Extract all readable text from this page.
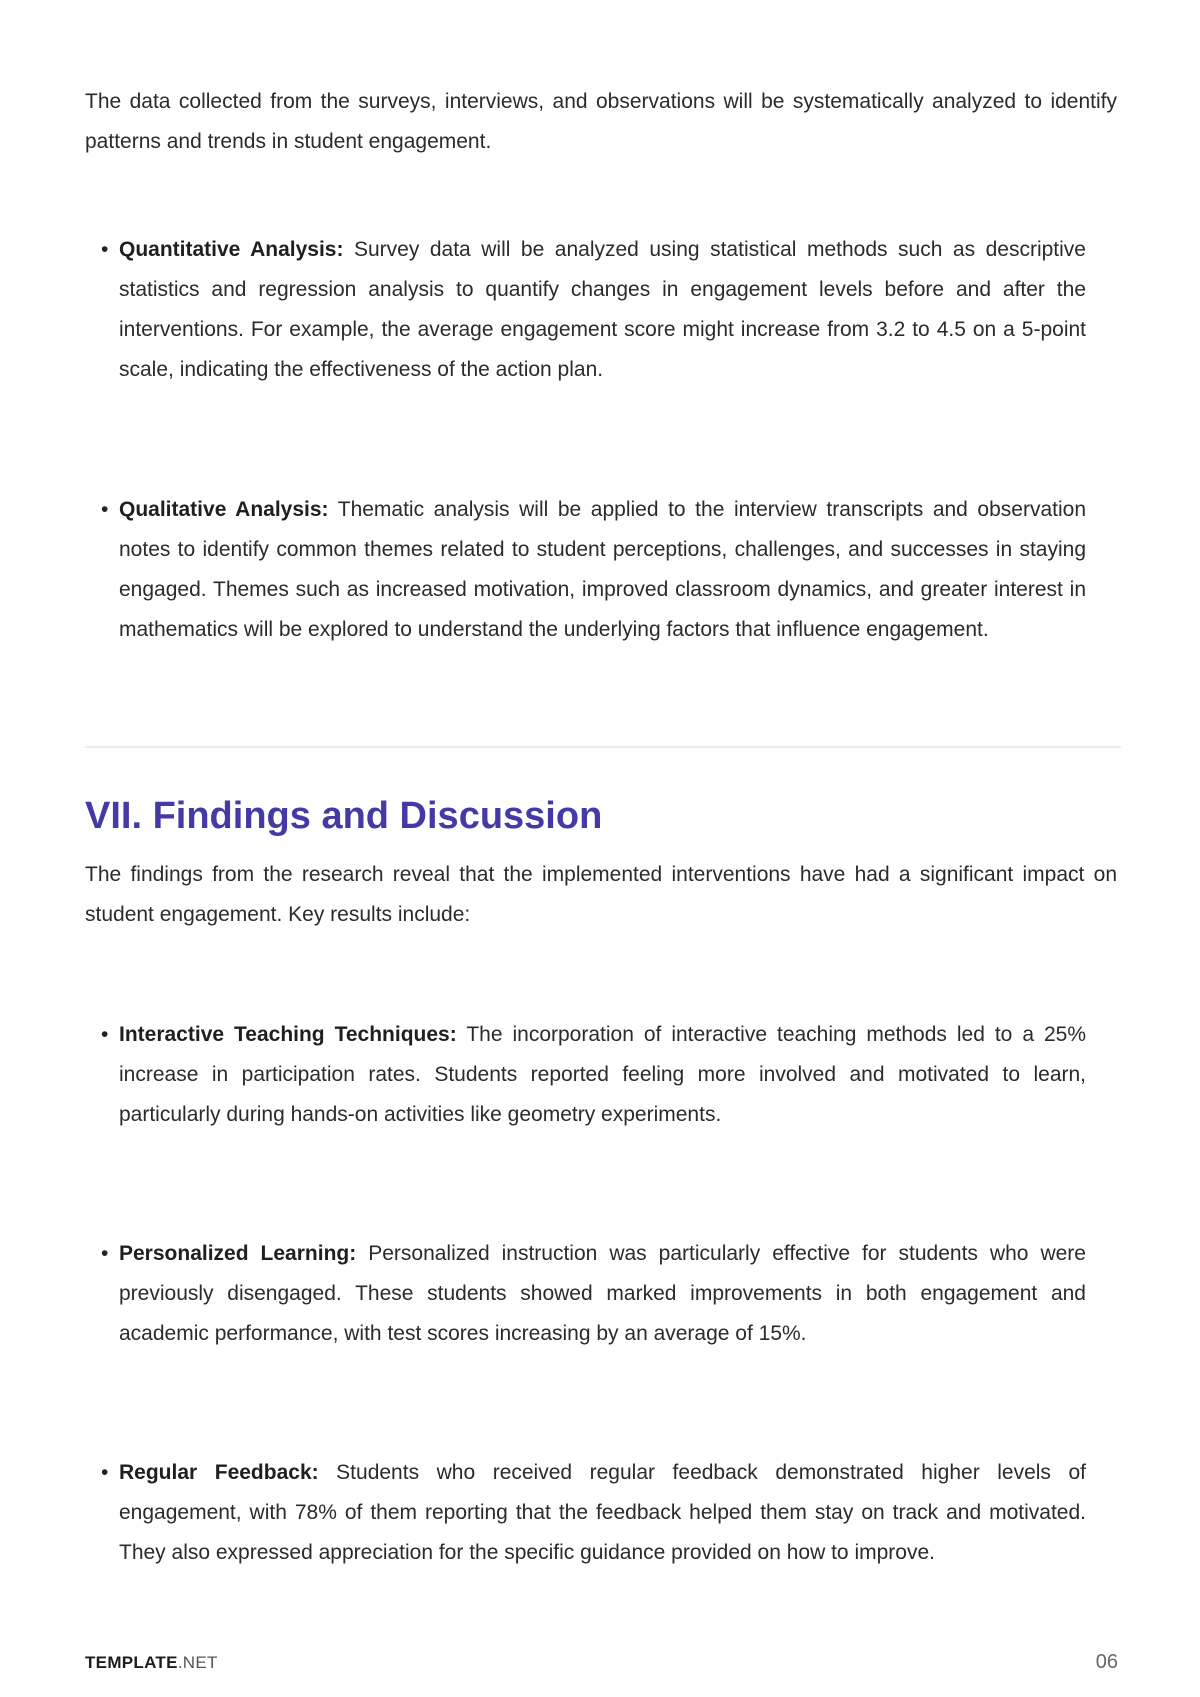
The data collected from the surveys, interviews, and observations will be systematically analyzed to identify patterns and trends in student engagement.

• Quantitative Analysis: Survey data will be analyzed using statistical methods such as descriptive statistics and regression analysis to quantify changes in engagement levels before and after the interventions. For example, the average engagement score might increase from 3.2 to 4.5 on a 5-point scale, indicating the effectiveness of the action plan.

• Qualitative Analysis: Thematic analysis will be applied to the interview transcripts and observation notes to identify common themes related to student perceptions, challenges, and successes in staying engaged. Themes such as increased motivation, improved classroom dynamics, and greater interest in mathematics will be explored to understand the underlying factors that influence engagement.

VII. Findings and Discussion

The findings from the research reveal that the implemented interventions have had a significant impact on student engagement. Key results include:

• Interactive Teaching Techniques: The incorporation of interactive teaching methods led to a 25% increase in participation rates. Students reported feeling more involved and motivated to learn, particularly during hands-on activities like geometry experiments.

• Personalized Learning: Personalized instruction was particularly effective for students who were previously disengaged. These students showed marked improvements in both engagement and academic performance, with test scores increasing by an average of 15%.

• Regular Feedback: Students who received regular feedback demonstrated higher levels of engagement, with 78% of them reporting that the feedback helped them stay on track and motivated. They also expressed appreciation for the specific guidance provided on how to improve.

TEMPLATE.NET	06
